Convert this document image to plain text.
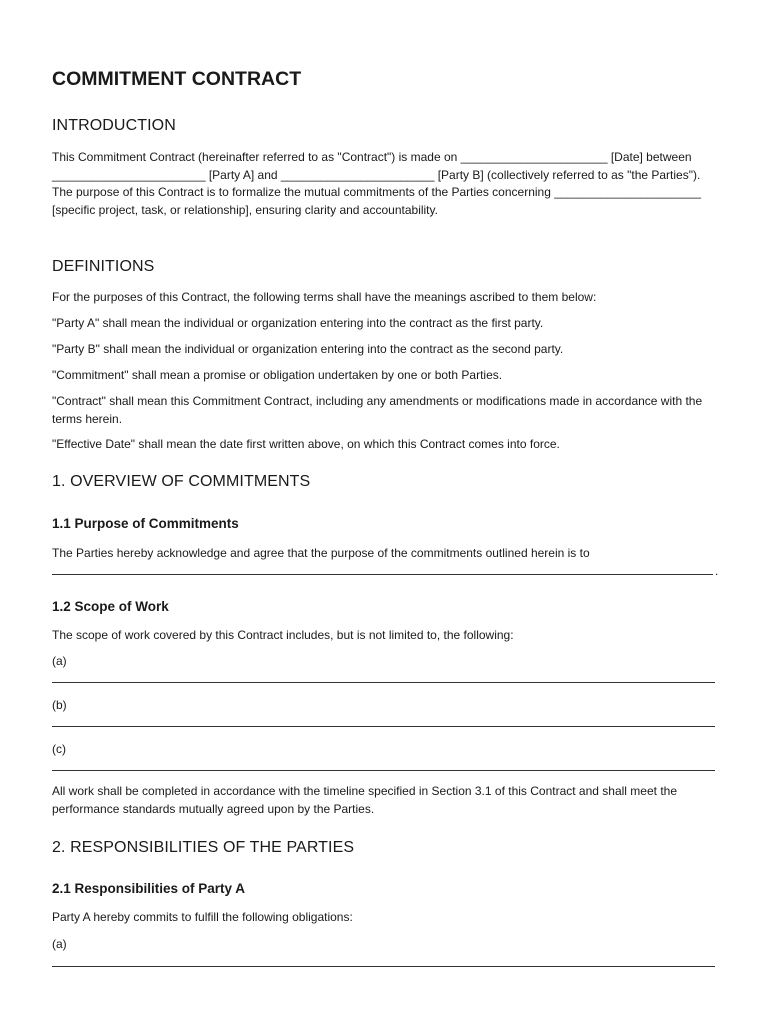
COMMITMENT CONTRACT
INTRODUCTION

This Commitment Contract (hereinafter referred to as "Contract") is made on ______________________ [Date] between _______________________ [Party A] and _______________________ [Party B] (collectively referred to as "the Parties"). The purpose of this Contract is to formalize the mutual commitments of the Parties concerning ______________________ [specific project, task, or relationship], ensuring clarity and accountability.

DEFINITIONS

For the purposes of this Contract, the following terms shall have the meanings ascribed to them below:

"Party A" shall mean the individual or organization entering into the contract as the first party.

"Party B" shall mean the individual or organization entering into the contract as the second party.

"Commitment" shall mean a promise or obligation undertaken by one or both Parties.

"Contract" shall mean this Commitment Contract, including any amendments or modifications made in accordance with the terms herein.

"Effective Date" shall mean the date first written above, on which this Contract comes into force.

1. OVERVIEW OF COMMITMENTS
1.1 Purpose of Commitments

The Parties hereby acknowledge and agree that the purpose of the commitments outlined herein is to

.
1.2 Scope of Work

The scope of work covered by this Contract includes, but is not limited to, the following:

(a)

(b)

(c)

All work shall be completed in accordance with the timeline specified in Section 3.1 of this Contract and shall meet the performance standards mutually agreed upon by the Parties.

2. RESPONSIBILITIES OF THE PARTIES
2.1 Responsibilities of Party A

Party A hereby commits to fulfill the following obligations:

(a)
